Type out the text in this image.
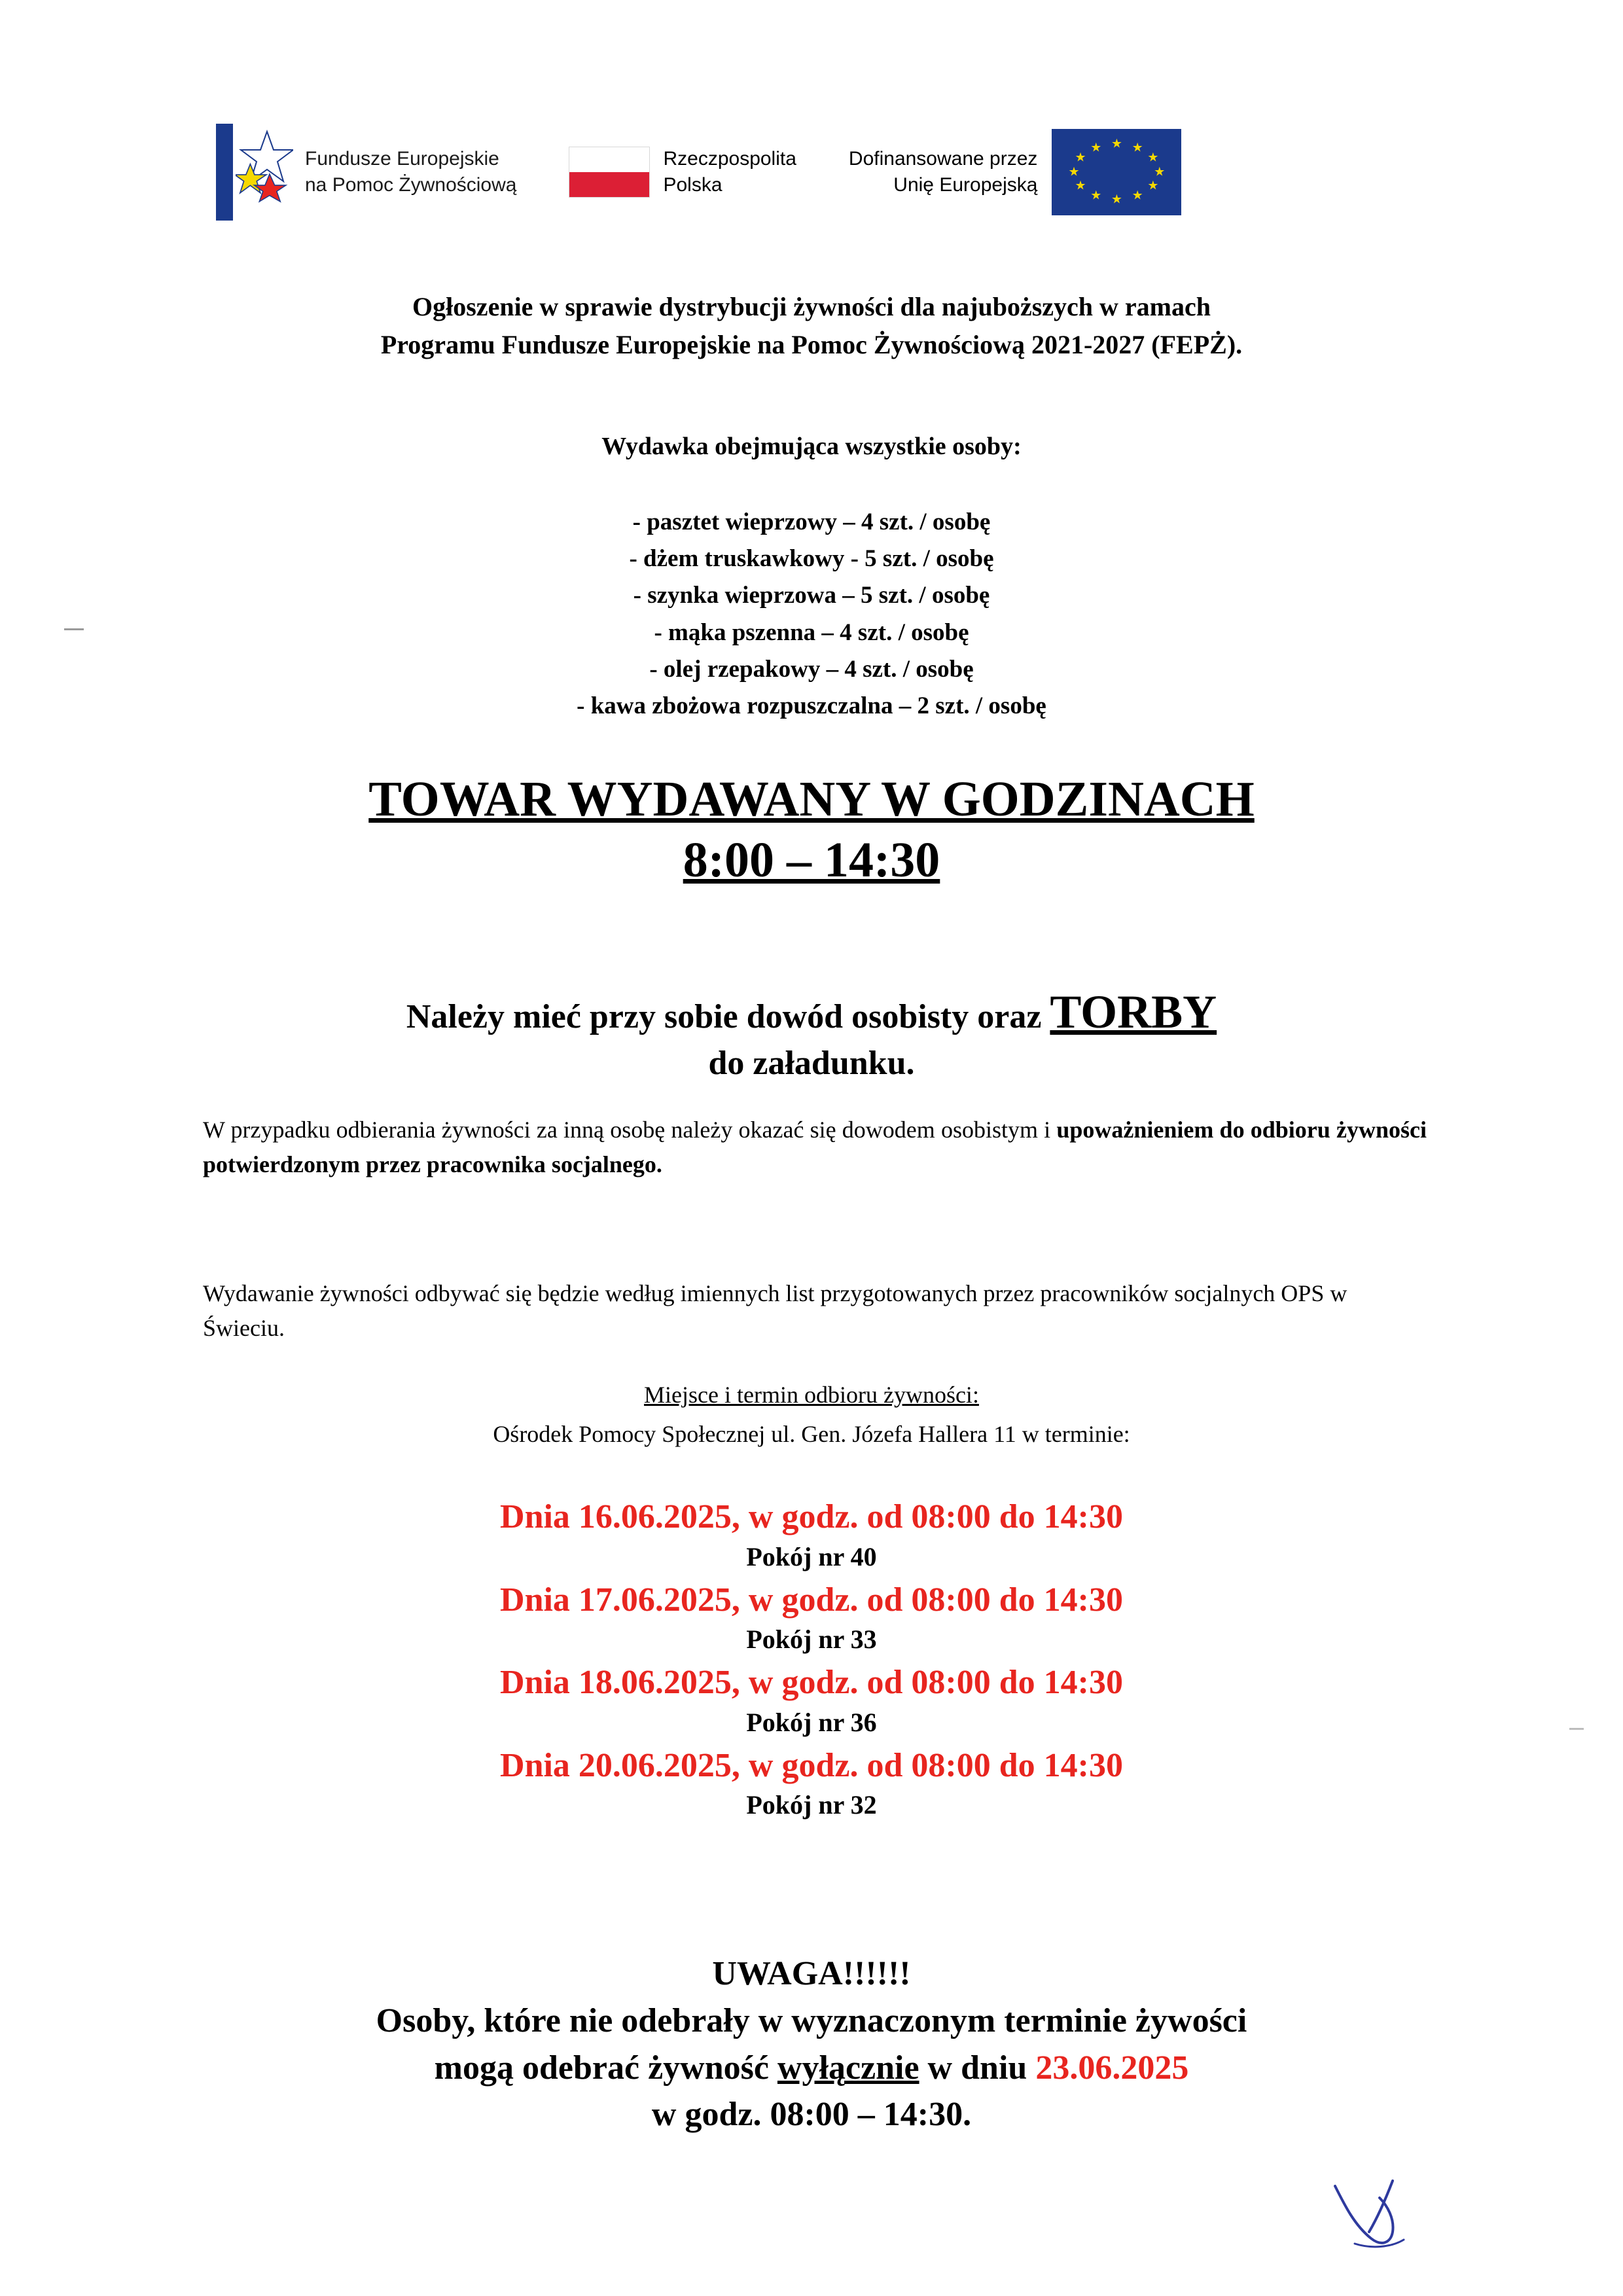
Fundusze Europejskie
na Pomoc Żywnościową
Rzeczpospolita
Polska
Dofinansowane przez
Unię Europejską
★ ★
★
★
★
★
★
★
★
★
★
★
Ogłoszenie w sprawie dystrybucji żywności dla najuboższych w ramach
Programu Fundusze Europejskie na Pomoc Żywnościową 2021-2027 (FEPŻ).
Wydawka obejmująca wszystkie osoby:
- pasztet wieprzowy – 4 szt. / osobę
- dżem truskawkowy - 5 szt. / osobę
- szynka wieprzowa – 5 szt. / osobę
- mąka pszenna – 4 szt. / osobę
- olej rzepakowy – 4 szt. / osobę
- kawa zbożowa rozpuszczalna – 2 szt. / osobę
TOWAR WYDAWANY W GODZINACH
8:00 – 14:30
Należy mieć przy sobie dowód osobisty oraz TORBY
do załadunku.
W przypadku odbierania żywności za inną osobę należy okazać się dowodem osobistym i upoważnieniem do odbioru żywności potwierdzonym przez pracownika socjalnego.
Wydawanie żywności odbywać się będzie według imiennych list przygotowanych przez pracowników socjalnych OPS w Świeciu.
Miejsce i termin odbioru żywności:
Ośrodek Pomocy Społecznej ul. Gen. Józefa Hallera 11 w terminie:
Dnia 16.06.2025, w godz. od 08:00 do 14:30
Pokój nr 40
Dnia 17.06.2025, w godz. od 08:00 do 14:30
Pokój nr 33
Dnia 18.06.2025, w godz. od 08:00 do 14:30
Pokój nr 36
Dnia 20.06.2025, w godz. od 08:00 do 14:30
Pokój nr 32
UWAGA!!!!!!
Osoby, które nie odebrały w wyznaczonym terminie żywości
mogą odebrać żywność wyłącznie w dniu 23.06.2025
w godz. 08:00 – 14:30.
